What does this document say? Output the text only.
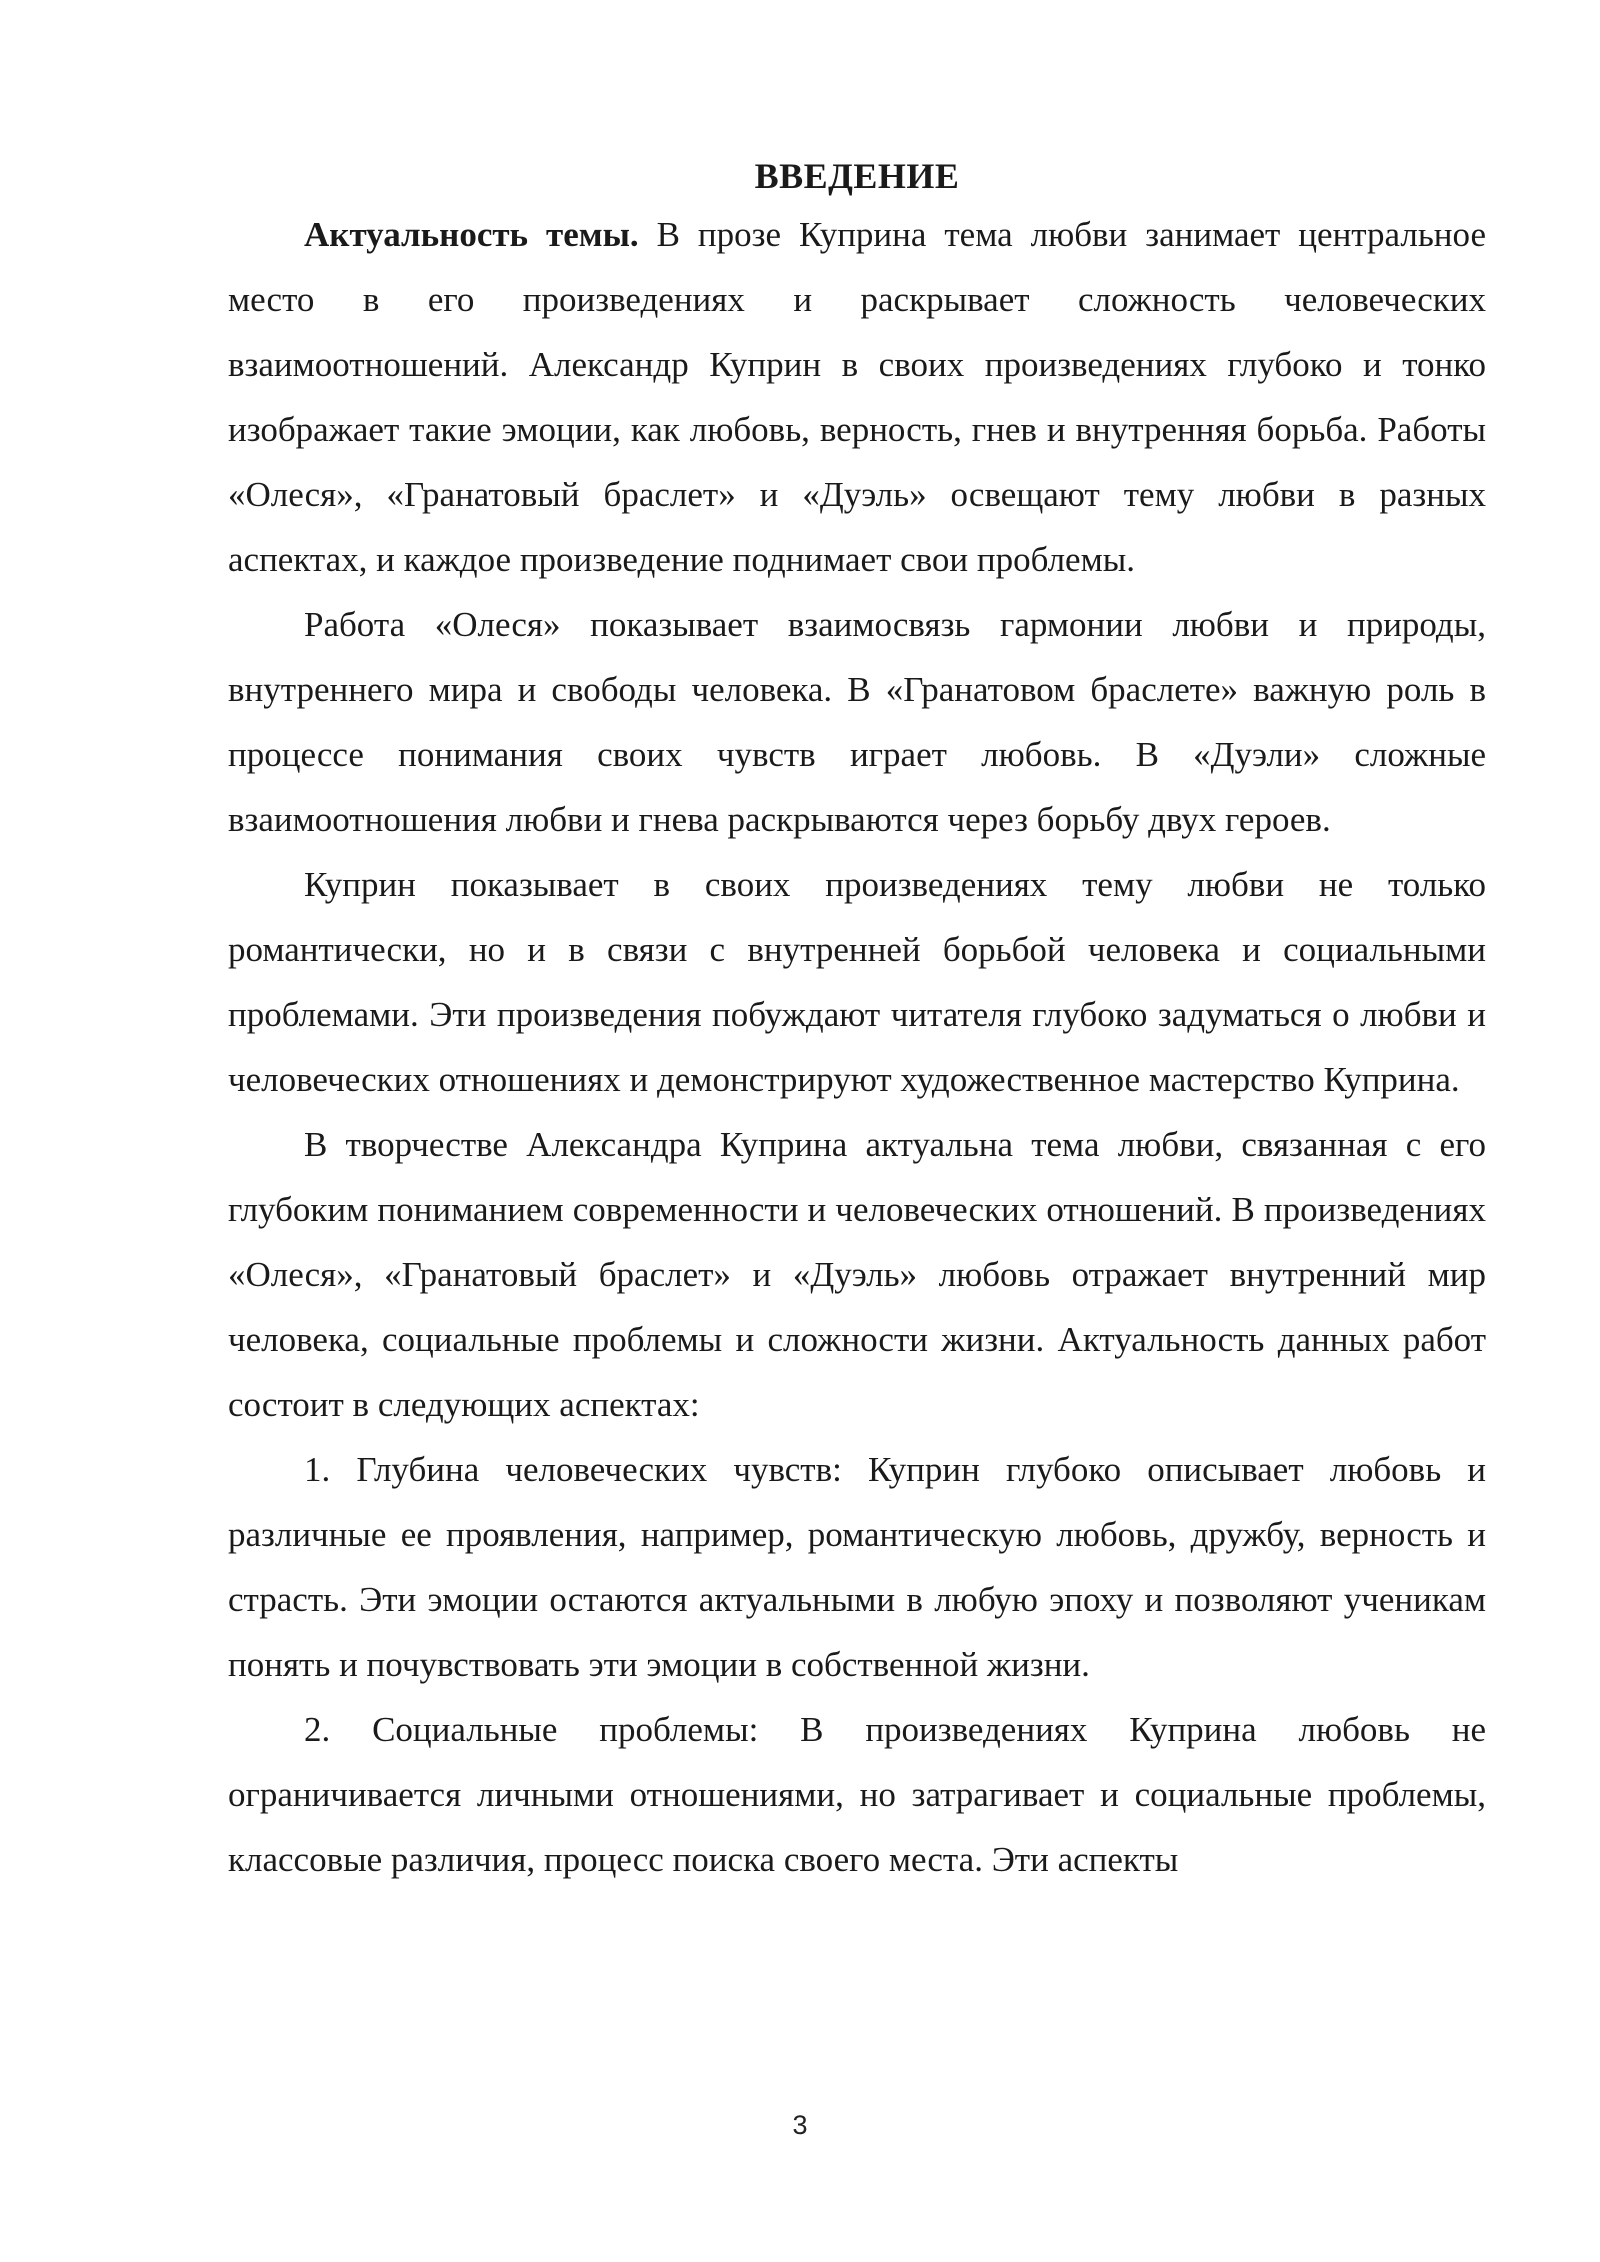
ВВЕДЕНИЕ

Актуальность темы. В прозе Куприна тема любви занимает центральное место в его произведениях и раскрывает сложность человеческих взаимоотношений. Александр Куприн в своих произведениях глубоко и тонко изображает такие эмоции, как любовь, верность, гнев и внутренняя борьба. Работы «Олеся», «Гранатовый браслет» и «Дуэль» освещают тему любви в разных аспектах, и каждое произведение поднимает свои проблемы.

Работа «Олеся» показывает взаимосвязь гармонии любви и природы, внутреннего мира и свободы человека. В «Гранатовом браслете» важную роль в процессе понимания своих чувств играет любовь. В «Дуэли» сложные взаимоотношения любви и гнева раскрываются через борьбу двух героев.

Куприн показывает в своих произведениях тему любви не только романтически, но и в связи с внутренней борьбой человека и социальными проблемами. Эти произведения побуждают читателя глубоко задуматься о любви и человеческих отношениях и демонстрируют художественное мастерство Куприна.

В творчестве Александра Куприна актуальна тема любви, связанная с его глубоким пониманием современности и человеческих отношений. В произведениях «Олеся», «Гранатовый браслет» и «Дуэль» любовь отражает внутренний мир человека, социальные проблемы и сложности жизни. Актуальность данных работ состоит в следующих аспектах:

1. Глубина человеческих чувств: Куприн глубоко описывает любовь и различные ее проявления, например, романтическую любовь, дружбу, верность и страсть. Эти эмоции остаются актуальными в любую эпоху и позволяют ученикам понять и почувствовать эти эмоции в собственной жизни.

2. Социальные проблемы: В произведениях Куприна любовь не ограничивается личными отношениями, но затрагивает и социальные проблемы, классовые различия, процесс поиска своего места. Эти аспекты

3
